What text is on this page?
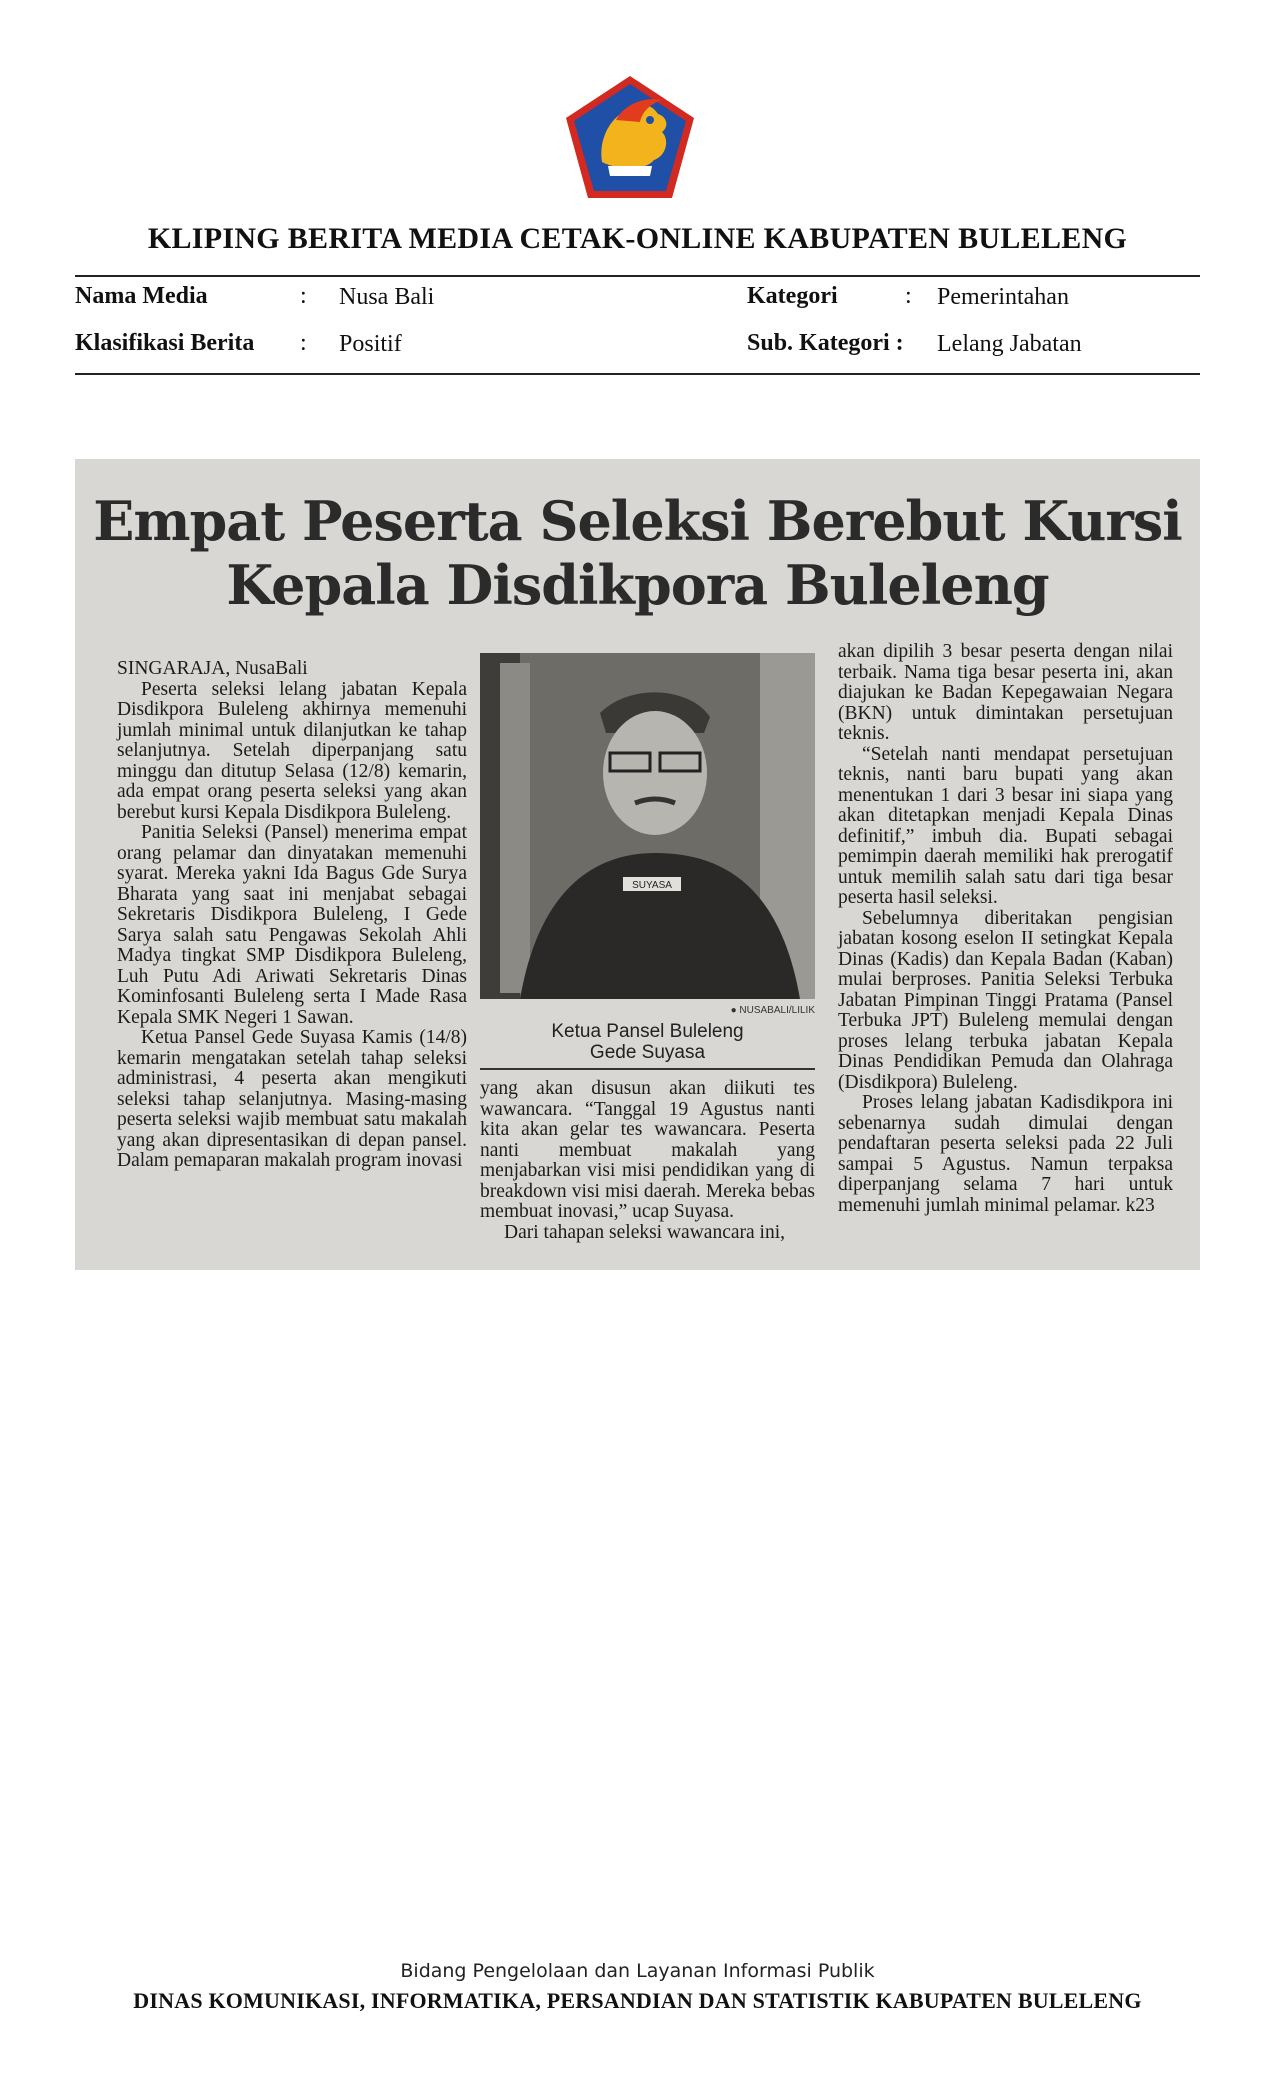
KLIPING BERITA MEDIA CETAK-ONLINE KABUPATEN BULELENG
Nama Media	: Nusa Bali	Kategori	: Pemerintahan
Klasifikasi Berita : Positif	Sub. Kategori : Lelang Jabatan
Empat Peserta Seleksi Berebut Kursi
Kepala Disdikpora Buleleng

SINGARAJA, NusaBali

Peserta seleksi lelang jabatan Kepala Disdikpora Buleleng akhirnya memenuhi jumlah minimal untuk dilanjutkan ke tahap selanjutnya. Setelah diperpanjang satu minggu dan ditutup Selasa (12/8) kemarin, ada empat orang peserta seleksi yang akan berebut kursi Kepala Disdikpora Buleleng.

Panitia Seleksi (Pansel) menerima empat orang pelamar dan dinyatakan memenuhi syarat. Mereka yakni Ida Bagus Gde Surya Bharata yang saat ini menjabat sebagai Sekretaris Disdikpora Buleleng, I Gede Sarya salah satu Pengawas Sekolah Ahli Madya tingkat SMP Disdikpora Buleleng, Luh Putu Adi Ariwati Sekretaris Dinas Kominfosanti Buleleng serta I Made Rasa Kepala SMK Negeri 1 Sawan.

Ketua Pansel Gede Suyasa Kamis (14/8) kemarin mengatakan setelah tahap seleksi administrasi, 4 peserta akan mengikuti seleksi tahap selanjutnya. Masing-masing peserta seleksi wajib membuat satu makalah yang akan dipresentasikan di depan pansel. Dalam pemaparan makalah program inovasi

SUYASA
● NUSABALI/LILIK
Ketua Pansel Buleleng
Gede Suyasa

yang akan disusun akan diikuti tes wawancara. “Tanggal 19 Agustus nanti kita akan gelar tes wawancara. Peserta nanti membuat makalah yang menjabarkan visi misi pendidikan yang di breakdown visi misi daerah. Mereka bebas membuat inovasi,” ucap Suyasa.

Dari tahapan seleksi wawancara ini,

akan dipilih 3 besar peserta dengan nilai terbaik. Nama tiga besar peserta ini, akan diajukan ke Badan Kepegawaian Negara (BKN) untuk dimintakan persetujuan teknis.

“Setelah nanti mendapat persetujuan teknis, nanti baru bupati yang akan menentukan 1 dari 3 besar ini siapa yang akan ditetapkan menjadi Kepala Dinas definitif,” imbuh dia. Bupati sebagai pemimpin daerah memiliki hak prerogatif untuk memilih salah satu dari tiga besar peserta hasil seleksi.

Sebelumnya diberitakan pengisian jabatan kosong eselon II setingkat Kepala Dinas (Kadis) dan Kepala Badan (Kaban) mulai berproses. Panitia Seleksi Terbuka Jabatan Pimpinan Tinggi Pratama (Pansel Terbuka JPT) Buleleng memulai dengan proses lelang terbuka jabatan Kepala Dinas Pendidikan Pemuda dan Olahraga (Disdikpora) Buleleng.

Proses lelang jabatan Kadisdikpora ini sebenarnya sudah dimulai dengan pendaftaran peserta seleksi pada 22 Juli sampai 5 Agustus. Namun terpaksa diperpanjang selama 7 hari untuk memenuhi jumlah minimal pelamar. k23

Bidang Pengelolaan dan Layanan Informasi Publik
DINAS KOMUNIKASI, INFORMATIKA, PERSANDIAN DAN STATISTIK KABUPATEN BULELENG
